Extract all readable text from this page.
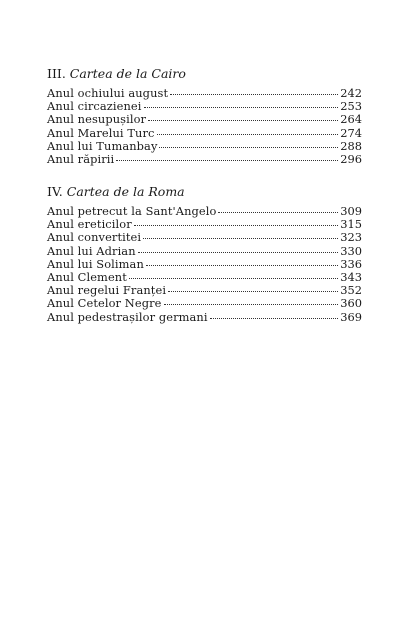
III. Cartea de la Cairo
Anul ochiului august	242
Anul circazienei	253
Anul nesupușilor	264
Anul Marelui Turc	274
Anul lui Tumanbay	288
Anul răpirii	296
IV. Cartea de la Roma
Anul petrecut la Sant'Angelo	309
Anul ereticilor	315
Anul convertitei	323
Anul lui Adrian	330
Anul lui Soliman	336
Anul Clement	343
Anul regelui Franței	352
Anul Cetelor Negre	360
Anul pedestrașilor germani	369
